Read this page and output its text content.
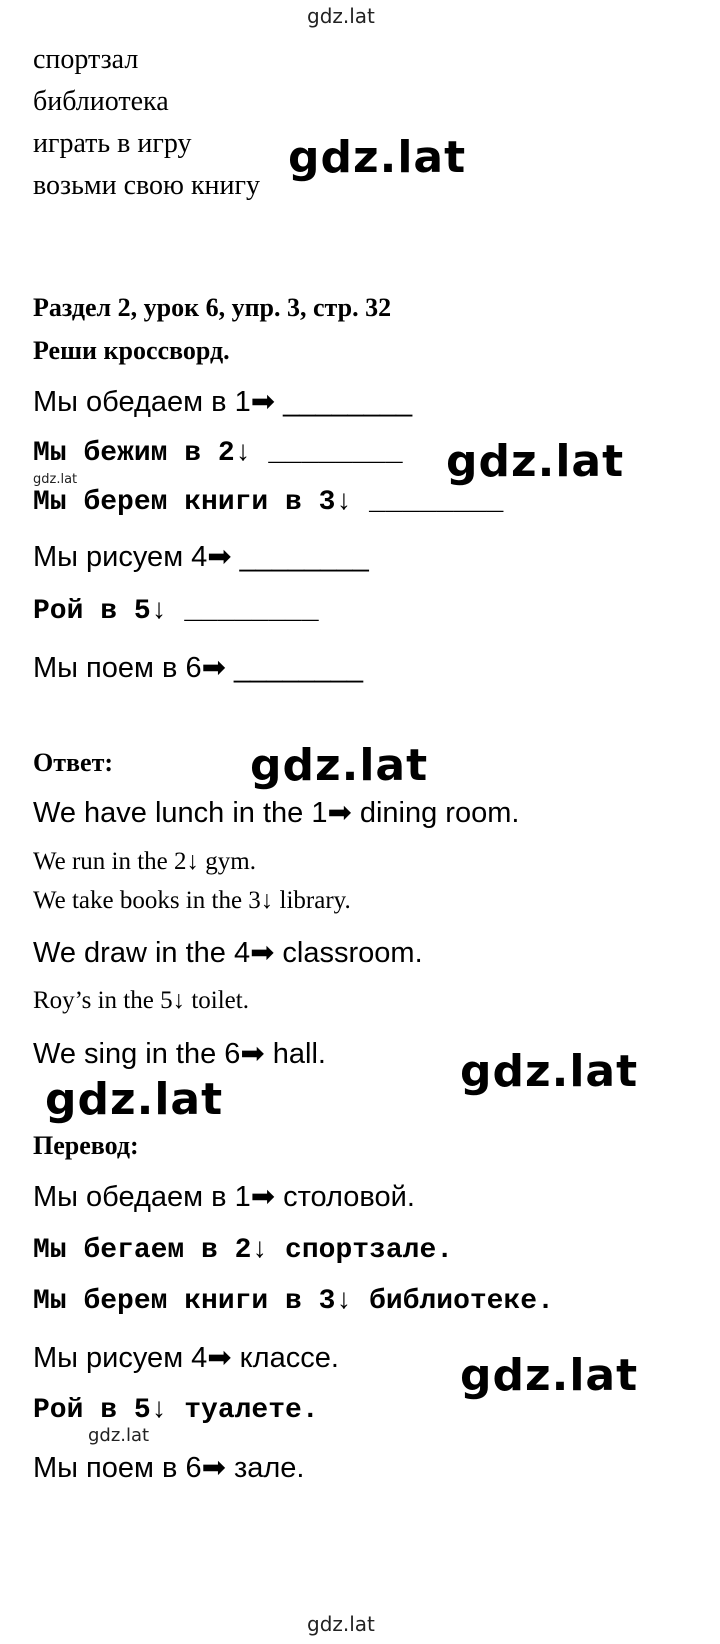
gdz.lat
спортзал
библиотека
играть в игру
возьми свою книгу
gdz.lat
Раздел 2, урок 6, упр. 3, стр. 32
Реши кроссворд.
Мы обедаем в 1➡ ________
Мы бежим в 2↓ ________
gdz.lat	gdz.lat
Мы берем книги в 3↓ ________
Мы рисуем 4➡ ________
Рой в 5↓ ________
Мы поем в 6➡ ________
Ответ:	gdz.lat
We have lunch in the 1➡ dining room.
We run in the 2↓ gym.
We take books in the 3↓ library.
We draw in the 4➡ classroom.
Roy’s in the 5↓ toilet.
We sing in the 6➡ hall.	gdz.lat
gdz.lat
Перевод:
Мы обедаем в 1➡ столовой.
Мы бегаем в 2↓ спортзале.
Мы берем книги в 3↓ библиотеке.
Мы рисуем 4➡ классе.	gdz.lat
Рой в 5↓ туалете.
gdz.lat
Мы поем в 6➡ зале.
gdz.lat
